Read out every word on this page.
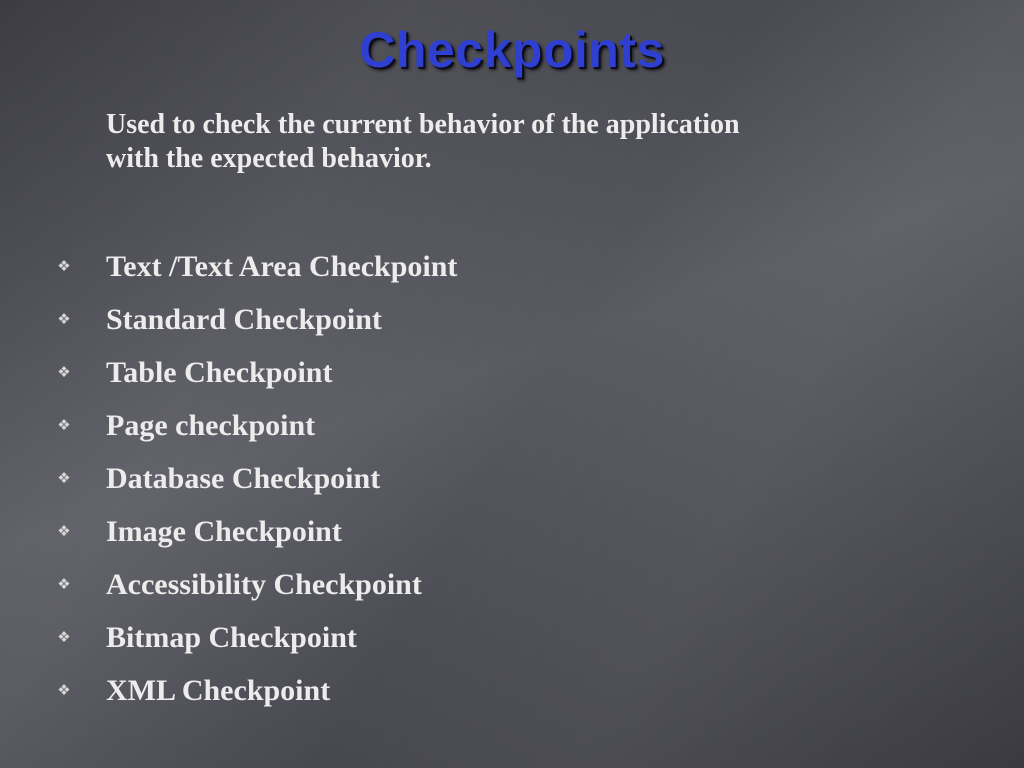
Checkpoints

Used to check the current behavior of the application
with the expected behavior.

❖ Text /Text Area Checkpoint
❖ Standard Checkpoint
❖ Table Checkpoint
❖ Page checkpoint
❖ Database Checkpoint
❖ Image Checkpoint
❖ Accessibility Checkpoint
❖ Bitmap Checkpoint
❖ XML Checkpoint
